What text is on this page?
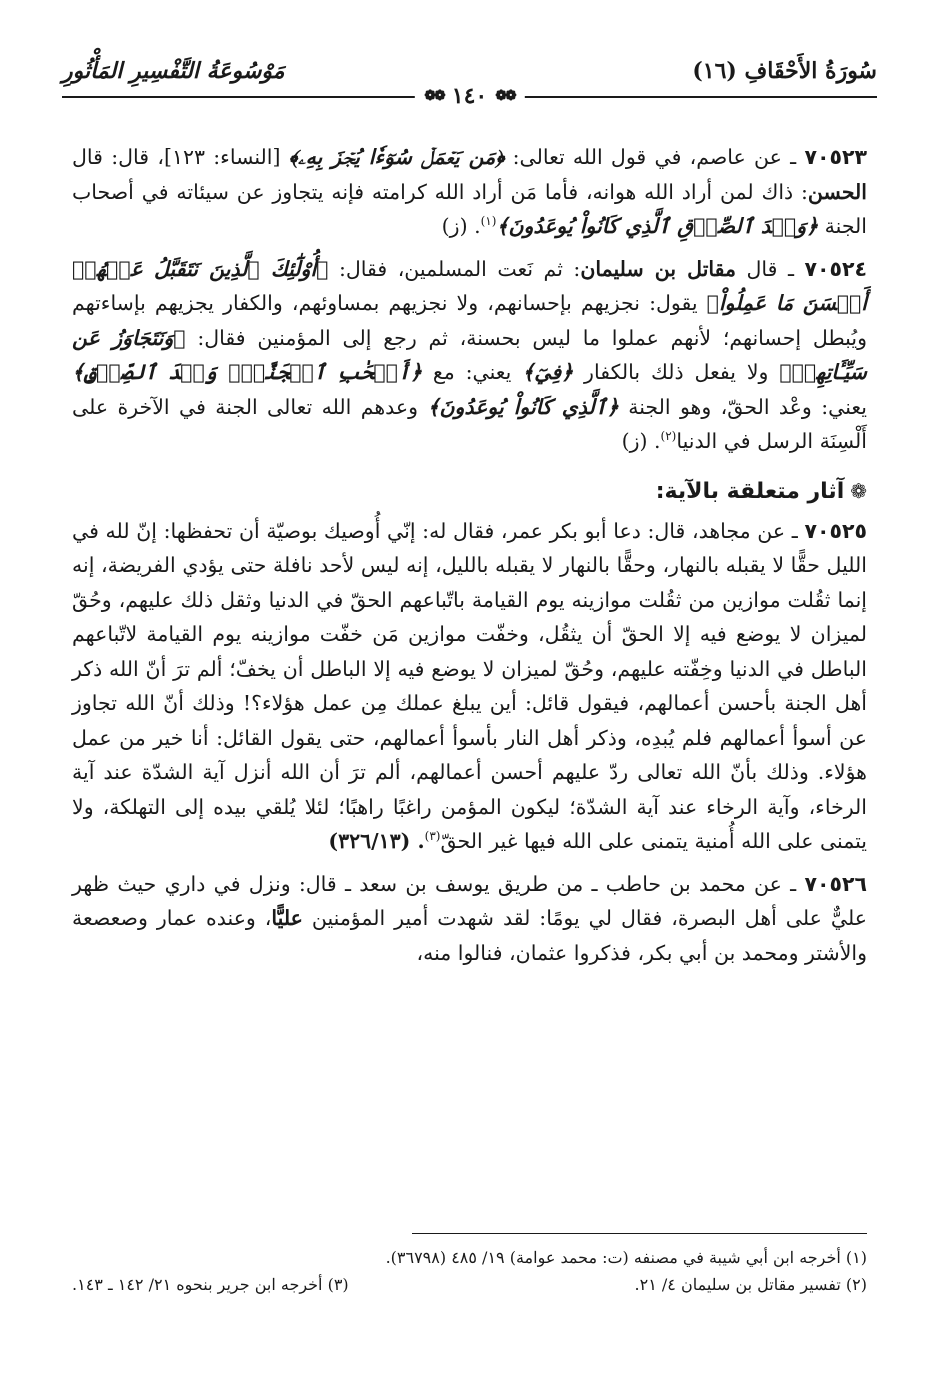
سُورَةُ الأَحْقَافِ (١٦)
مَوْسُوعَةُ التَّفْسِيرِ المَأْثُورِ
❁❁
١٤٠
❁❁

٧٠٥٢٣ ـ عن عاصم، في قول الله تعالى: ﴿مَن يَعۡمَلۡ سُوٓءٗا يُجۡزَ بِهِۦ﴾ [النساء: ١٢٣]، قال: قال الحسن: ذاك لمن أراد الله هوانه، فأما مَن أراد الله كرامته فإنه يتجاوز عن سيئاته في أصحاب الجنة ﴿وَعۡدَ ٱلصِّدۡقِ ٱلَّذِي كَانُواْ يُوعَدُونَ﴾$^{(١)}$. (ز)

٧٠٥٢٤ ـ قال مقاتل بن سليمان: ثم نَعت المسلمين، فقال: ﴿أُوْلَٰٓئِكَ ٱلَّذِينَ نَتَقَبَّلُ عَنۡهُمۡ أَحۡسَنَ مَا عَمِلُواْ﴾ يقول: نجزيهم بإحسانهم، ولا نجزيهم بمساوئهم، والكفار يجزيهم بإساءتهم ويُبطل إحسانهم؛ لأنهم عملوا ما ليس بحسنة، ثم رجع إلى المؤمنين فقال: ﴿وَنَتَجَاوَزُ عَن سَيِّـَٔاتِهِمۡ﴾ ولا يفعل ذلك بالكفار ﴿فِيٓ﴾ يعني: مع ﴿أَصۡحَٰبِ ٱلۡجَنَّةِۖ وَعۡدَ ٱلصِّدۡقِ﴾ يعني: وعْد الحقّ، وهو الجنة ﴿ٱلَّذِي كَانُواْ يُوعَدُونَ﴾ وعدهم الله تعالى الجنة في الآخرة على أَلْسِنَة الرسل في الدنيا$^{(٢)}$. (ز)

❁آثار متعلقة بالآية:

٧٠٥٢٥ ـ عن مجاهد، قال: دعا أبو بكر عمر، فقال له: إنّي أُوصيك بوصيّة أن تحفظها: إنّ لله في الليل حقًّا لا يقبله بالنهار، وحقًّا بالنهار لا يقبله بالليل، إنه ليس لأحد نافلة حتى يؤدي الفريضة، إنه إنما ثقُلت موازين من ثقُلت موازينه يوم القيامة باتّباعهم الحقّ في الدنيا وثقل ذلك عليهم، وحُقّ لميزان لا يوضع فيه إلا الحقّ أن يثقُل، وخفّت موازين مَن خفّت موازينه يوم القيامة لاتّباعهم الباطل في الدنيا وخِفّته عليهم، وحُقّ لميزان لا يوضع فيه إلا الباطل أن يخفّ؛ ألم ترَ أنّ الله ذكر أهل الجنة بأحسن أعمالهم، فيقول قائل: أين يبلغ عملك مِن عمل هؤلاء؟! وذلك أنّ الله تجاوز عن أسوأ أعمالهم فلم يُبدِه، وذكر أهل النار بأسوأ أعمالهم، حتى يقول القائل: أنا خير من عمل هؤلاء. وذلك بأنّ الله تعالى ردّ عليهم أحسن أعمالهم، ألم ترَ أن الله أنزل آية الشدّة عند آية الرخاء، وآية الرخاء عند آية الشدّة؛ ليكون المؤمن راغبًا راهبًا؛ لئلا يُلقي بيده إلى التهلكة، ولا يتمنى على الله أُمنية يتمنى على الله فيها غير الحقّ$^{(٣)}$. (٣٢٦/١٣)

٧٠٥٢٦ ـ عن محمد بن حاطب ـ من طريق يوسف بن سعد ـ قال: ونزل في داري حيث ظهر عليٌّ على أهل البصرة، فقال لي يومًا: لقد شهدت أمير المؤمنين عليًّا، وعنده عمار وصعصعة والأشتر ومحمد بن أبي بكر، فذكروا عثمان، فنالوا منه،

(١) أخرجه ابن أبي شيبة في مصنفه (ت: محمد عوامة) ١٩/ ٤٨٥ (٣٦٧٩٨).

(٢) تفسير مقاتل بن سليمان ٤/ ٢١.

(٣) أخرجه ابن جرير بنحوه ٢١/ ١٤٢ ـ ١٤٣.
